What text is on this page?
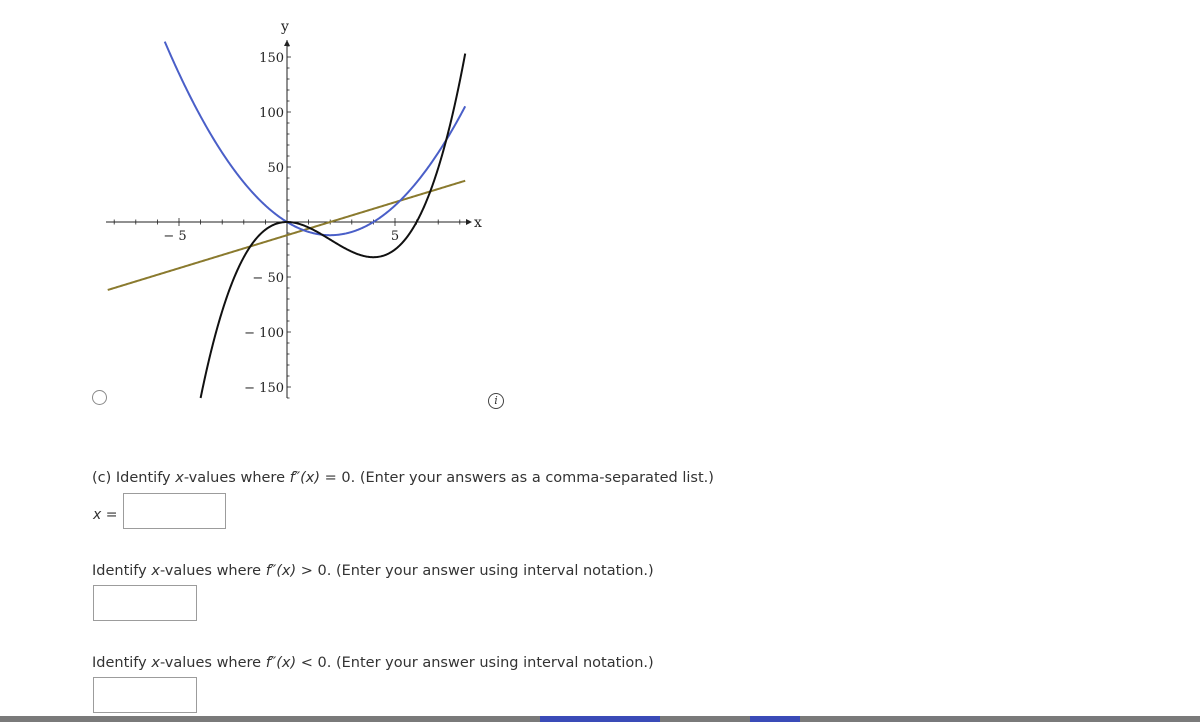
x
y
150
100
50
− 50
− 100
− 150
− 5	5
i
(c) Identify x-values where f″(x) = 0. (Enter your answers as a comma-separated list.)
x =
Identify x-values where f″(x) > 0. (Enter your answer using interval notation.)
Identify x-values where f″(x) < 0. (Enter your answer using interval notation.)
